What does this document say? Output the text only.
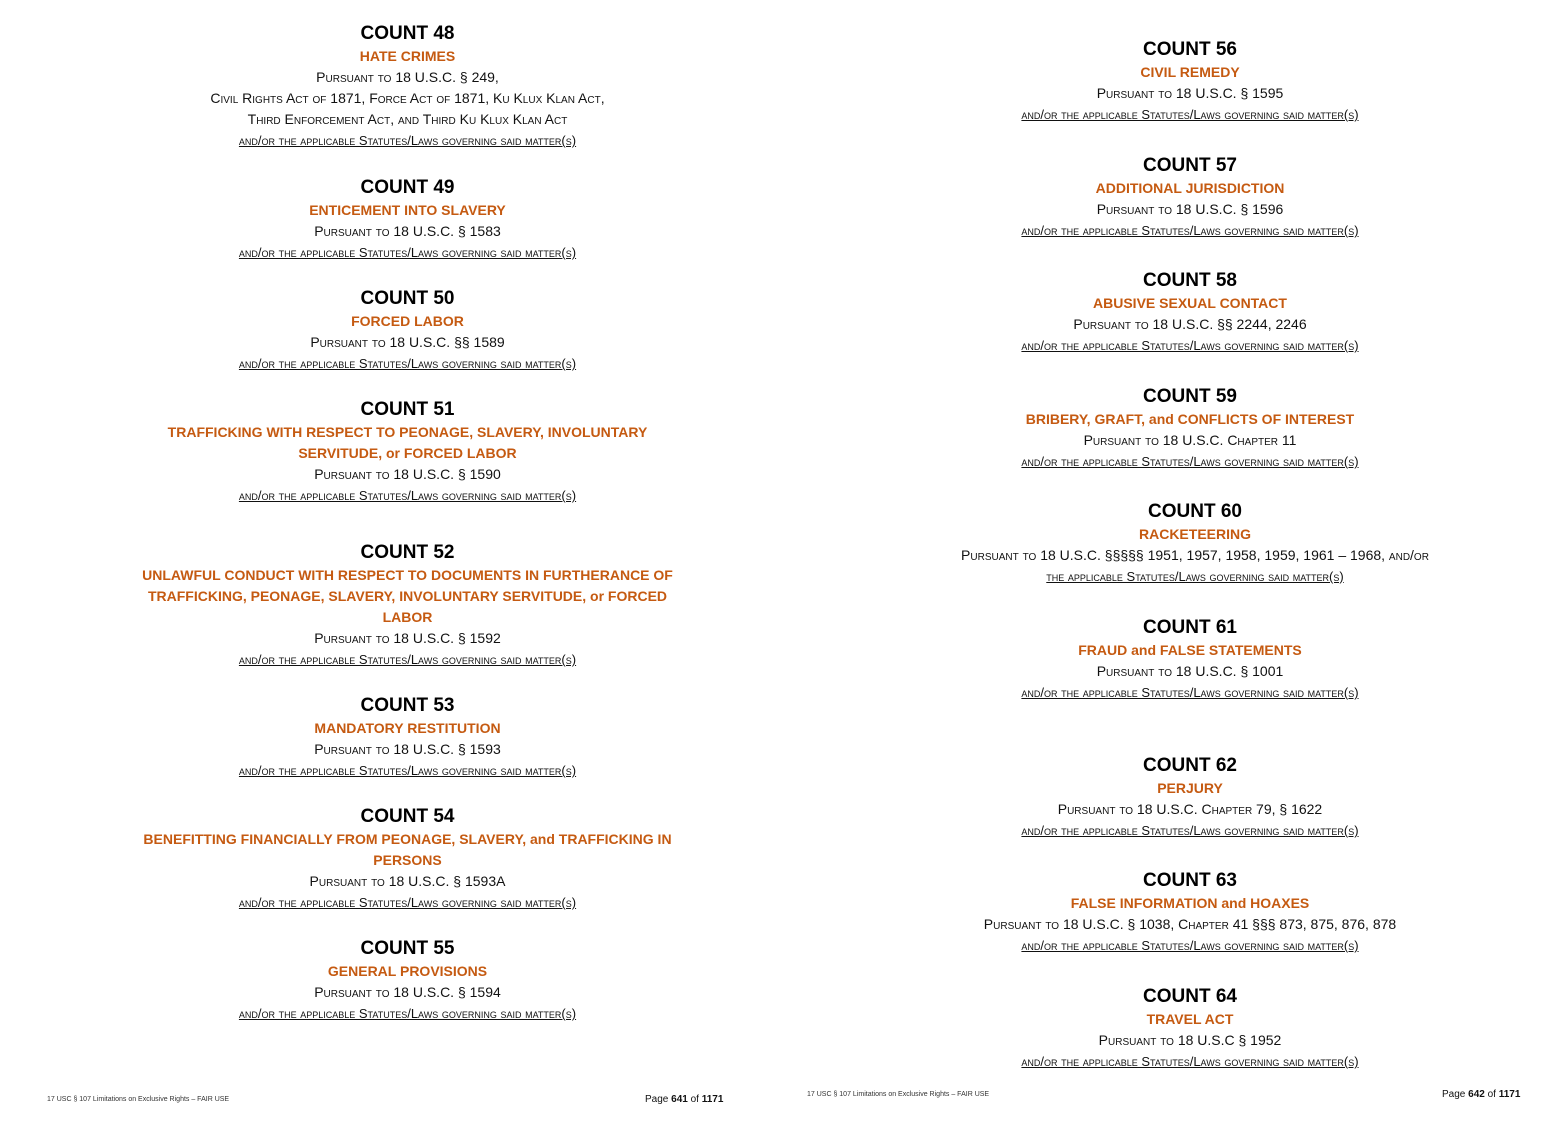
COUNT 48
HATE CRIMES
Pursuant to 18 U.S.C. § 249,
Civil Rights Act of 1871, Force Act of 1871, Ku Klux Klan Act,
Third Enforcement Act, and Third Ku Klux Klan Act
and/or the applicable Statutes/Laws governing said matter(s)
COUNT 49
ENTICEMENT INTO SLAVERY
Pursuant to 18 U.S.C. § 1583
and/or the applicable Statutes/Laws governing said matter(s)
COUNT 50
FORCED LABOR
Pursuant to 18 U.S.C. §§ 1589
and/or the applicable Statutes/Laws governing said matter(s)
COUNT 51
TRAFFICKING WITH RESPECT TO PEONAGE, SLAVERY, INVOLUNTARY SERVITUDE, or FORCED LABOR
Pursuant to 18 U.S.C. § 1590
and/or the applicable Statutes/Laws governing said matter(s)
COUNT 52
UNLAWFUL CONDUCT WITH RESPECT TO DOCUMENTS IN FURTHERANCE OF TRAFFICKING, PEONAGE, SLAVERY, INVOLUNTARY SERVITUDE, or FORCED LABOR
Pursuant to 18 U.S.C. § 1592
and/or the applicable Statutes/Laws governing said matter(s)
COUNT 53
MANDATORY RESTITUTION
Pursuant to 18 U.S.C. § 1593
and/or the applicable Statutes/Laws governing said matter(s)
COUNT 54
BENEFITTING FINANCIALLY FROM PEONAGE, SLAVERY, and TRAFFICKING IN PERSONS
Pursuant to 18 U.S.C. § 1593A
and/or the applicable Statutes/Laws governing said matter(s)
COUNT 55
GENERAL PROVISIONS
Pursuant to 18 U.S.C. § 1594
and/or the applicable Statutes/Laws governing said matter(s)
17 USC § 107 Limitations on Exclusive Rights – FAIR USE	Page 641 of 1171
COUNT 56
CIVIL REMEDY
Pursuant to 18 U.S.C. § 1595
and/or the applicable Statutes/Laws governing said matter(s)
COUNT 57
ADDITIONAL JURISDICTION
Pursuant to 18 U.S.C. § 1596
and/or the applicable Statutes/Laws governing said matter(s)
COUNT 58
ABUSIVE SEXUAL CONTACT
Pursuant to 18 U.S.C. §§ 2244, 2246
and/or the applicable Statutes/Laws governing said matter(s)
COUNT 59
BRIBERY, GRAFT, and CONFLICTS OF INTEREST
Pursuant to 18 U.S.C. Chapter 11
and/or the applicable Statutes/Laws governing said matter(s)
COUNT 60
RACKETEERING
Pursuant to 18 U.S.C. §§§§§ 1951, 1957, 1958, 1959, 1961 – 1968, and/or
the applicable Statutes/Laws governing said matter(s)
COUNT 61
FRAUD and FALSE STATEMENTS
Pursuant to 18 U.S.C. § 1001
and/or the applicable Statutes/Laws governing said matter(s)
COUNT 62
PERJURY
Pursuant to 18 U.S.C. Chapter 79, § 1622
and/or the applicable Statutes/Laws governing said matter(s)
COUNT 63
FALSE INFORMATION and HOAXES
Pursuant to 18 U.S.C. § 1038, Chapter 41 §§§ 873, 875, 876, 878
and/or the applicable Statutes/Laws governing said matter(s)
COUNT 64
TRAVEL ACT
Pursuant to 18 U.S.C § 1952
and/or the applicable Statutes/Laws governing said matter(s)
17 USC § 107 Limitations on Exclusive Rights – FAIR USE	Page 642 of 1171
